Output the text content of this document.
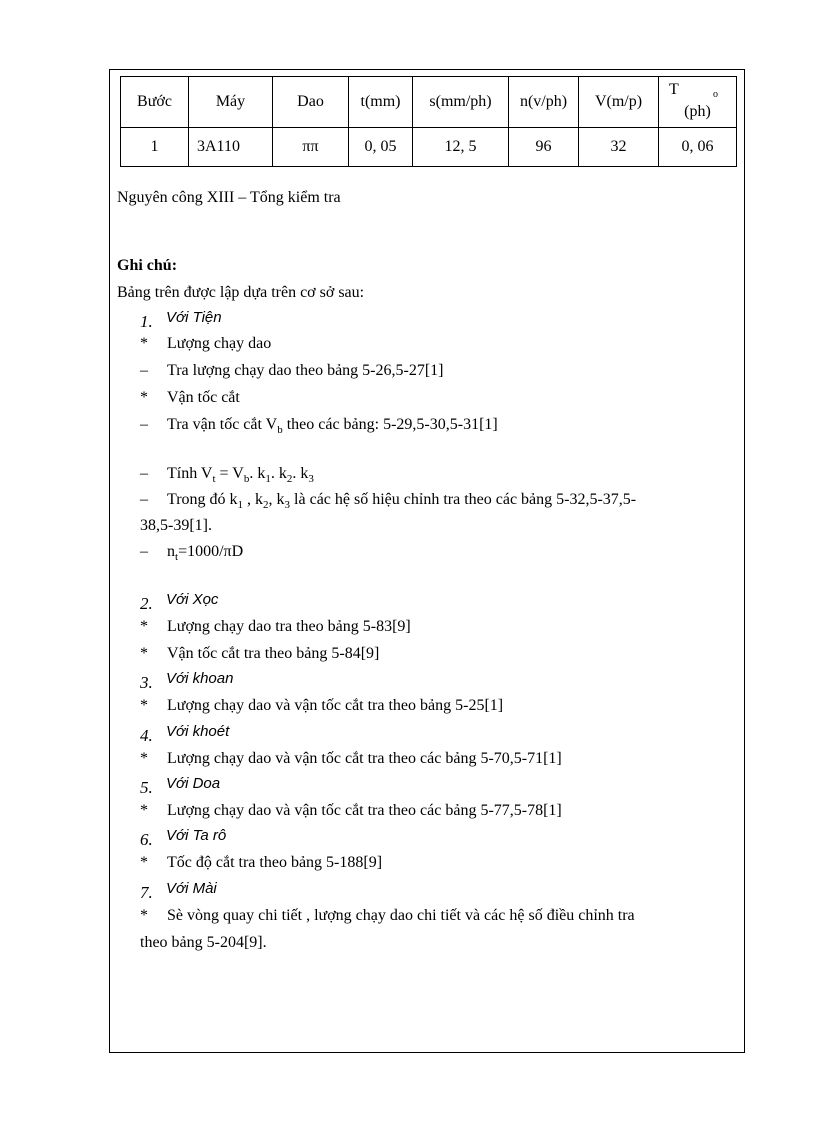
Bước	Máy	Dao	t(mm)	s(mm/ph)	n(v/ph)	V(m/p)	T o
(ph)

1	3A110	ππ	0, 05	12, 5	96	32	0, 06
Nguyên công XIII – Tổng kiểm tra
Ghi chú:
Bảng trên được lập dựa trên cơ sở sau:
1. Với Tiện
* Lượng chạy dao
– Tra lượng chạy dao theo bảng 5-26,5-27[1]
* Vận tốc cắt
– Tra vận tốc cắt $V_b$ theo các bảng: 5-29,5-30,5-31[1]
– Tính $V_t = V_b$. $k_1$. $k_2$. $k_3$
– Trong đó $k_1$ , $k_2$, $k_3$ là các hệ số hiệu chỉnh tra theo các bảng 5-32,5-37,5-
38,5-39[1].
– $n_t=1000/\pi D$
2. Với Xọc
* Lượng chạy dao tra theo bảng 5-83[9]
* Vận tốc cắt tra theo bảng 5-84[9]
3. Với khoan
* Lượng chạy dao và vận tốc cắt tra theo bảng 5-25[1]
4. Với khoét
* Lượng chạy dao và vận tốc cắt tra theo các bảng 5-70,5-71[1]
5. Với Doa
* Lượng chạy dao và vận tốc cắt tra theo các bảng 5-77,5-78[1]
6. Với Ta rô
* Tốc độ cắt tra theo bảng 5-188[9]
7. Với Mài
* Sè vòng quay chi tiết , lượng chạy dao chi tiết và các hệ số điều chỉnh tra
theo bảng 5-204[9].
